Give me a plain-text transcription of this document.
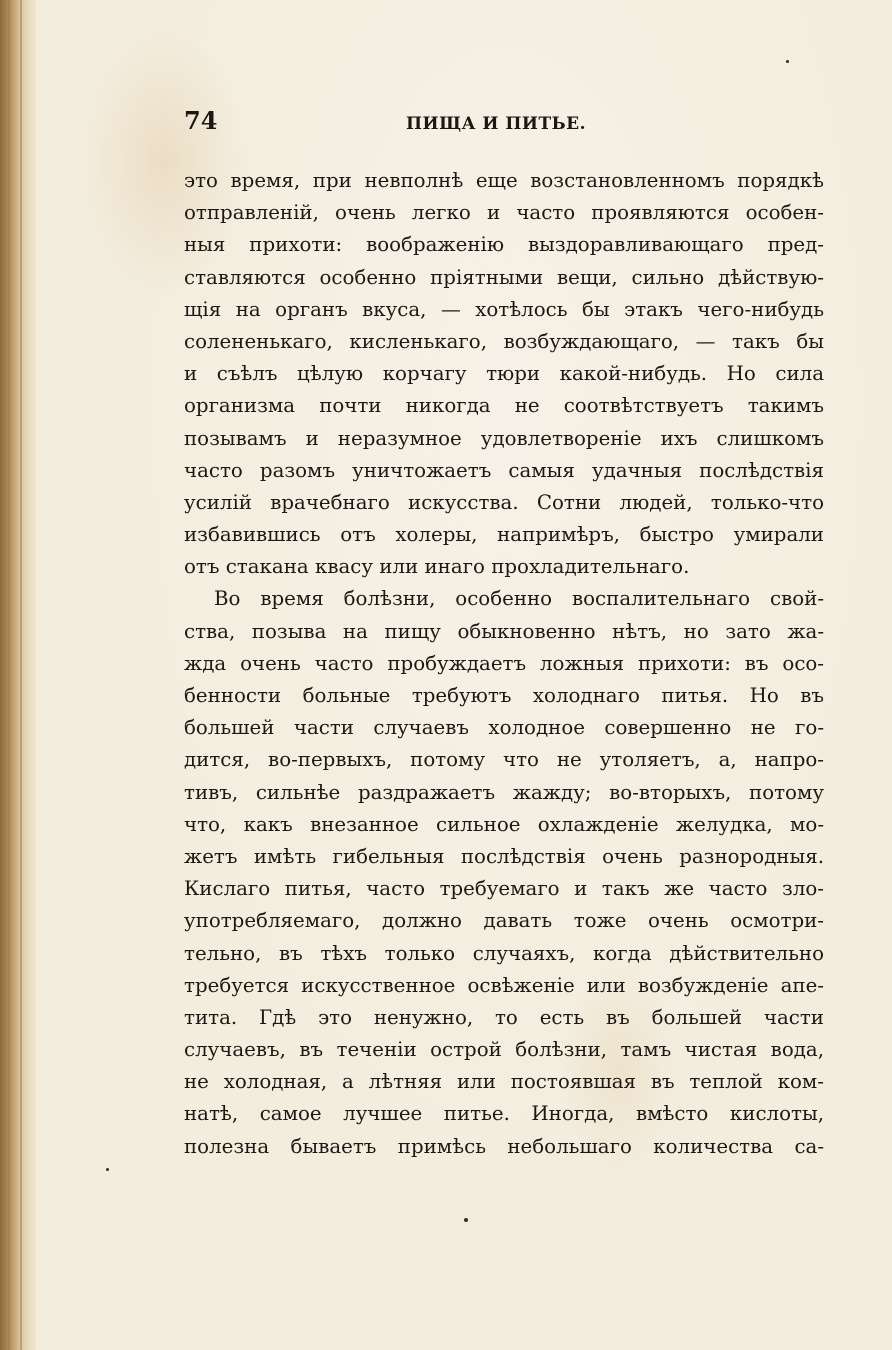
74	ПИЩА И ПИТЬЕ.
это время, при невполнѣ еще возстановленномъ порядкѣ
отправленій, очень легко и часто проявляются особен-
ныя прихоти: воображенію выздоравливающаго пред-
ставляются особенно пріятными вещи, сильно дѣйствую-
щія на органъ вкуса, — хотѣлось бы этакъ чего-нибудь
солененькаго, кисленькаго, возбуждающаго, — такъ бы
и съѣлъ цѣлую корчагу тюри какой-нибудь. Но сила
организма почти никогда не соотвѣтствуетъ такимъ
позывамъ и неразумное удовлетвореніе ихъ слишкомъ
часто разомъ уничтожаетъ самыя удачныя послѣдствія
усилій врачебнаго искусства. Сотни людей, только-что
избавившись отъ холеры, напримѣръ, быстро умирали
отъ стакана квасу или инаго прохладительнаго.
Во время болѣзни, особенно воспалительнаго свой-
ства, позыва на пищу обыкновенно нѣтъ, но зато жа-
жда очень часто пробуждаетъ ложныя прихоти: въ осо-
бенности больные требуютъ холоднаго питья. Но въ
большей части случаевъ холодное совершенно не го-
дится, во-первыхъ, потому что не утоляетъ, а, напро-
тивъ, сильнѣе раздражаетъ жажду; во-вторыхъ, потому
что, какъ внезанное сильное охлажденіе желудка, мо-
жетъ имѣть гибельныя послѣдствія очень разнородныя.
Кислаго питья, часто требуемаго и такъ же часто зло-
употребляемаго, должно давать тоже очень осмотри-
тельно, въ тѣхъ только случаяхъ, когда дѣйствительно
требуется искусственное освѣженіе или возбужденіе апе-
тита. Гдѣ это ненужно, то есть въ большей части
случаевъ, въ теченіи острой болѣзни, тамъ чистая вода,
не холодная, а лѣтняя или постоявшая въ теплой ком-
натѣ, самое лучшее питье. Иногда, вмѣсто кислоты,
полезна бываетъ примѣсь небольшаго количества са-
